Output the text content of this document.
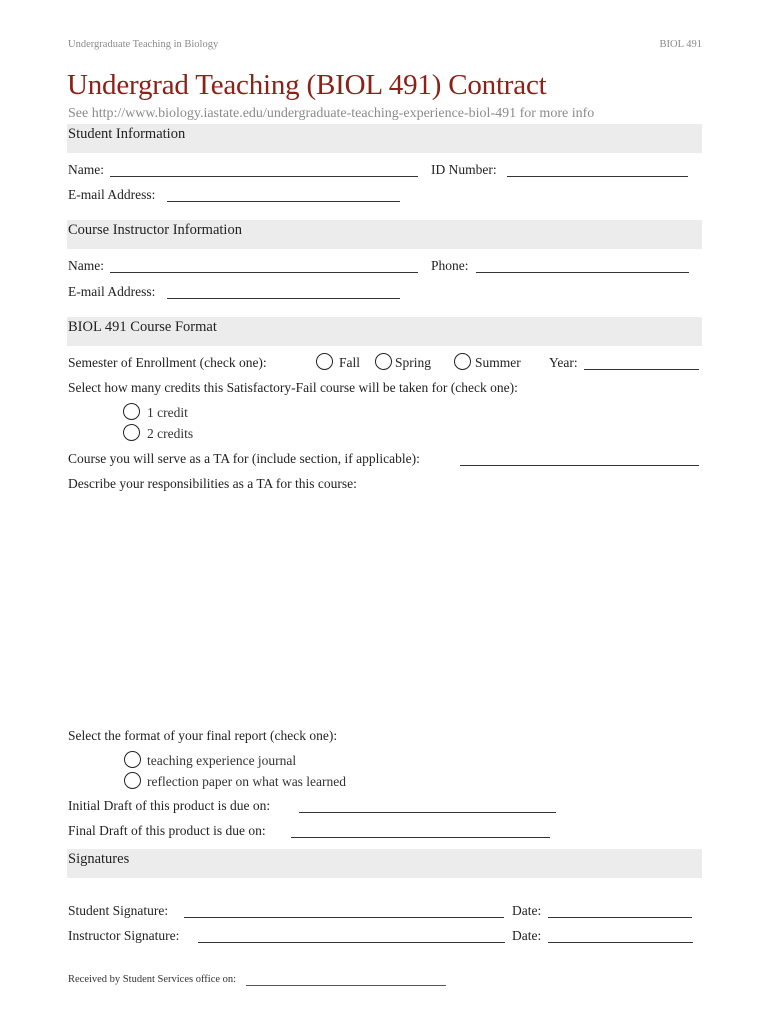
Undergraduate Teaching in Biology	BIOL 491
Undergrad Teaching (BIOL 491) Contract
See http://www.biology.iastate.edu/undergraduate-teaching-experience-biol-491 for more info
Student Information
Name:	ID Number:
E-mail Address:
Course Instructor Information
Name:	Phone:
E-mail Address:
BIOL 491 Course Format
Semester of Enrollment (check one):	Fall	Spring	Summer Year:
Select how many credits this Satisfactory-Fail course will be taken for (check one):
1 credit
2 credits
Course you will serve as a TA for (include section, if applicable):
Describe your responsibilities as a TA for this course:
Select the format of your final report (check one):
teaching experience journal
reflection paper on what was learned
Initial Draft of this product is due on:
Final Draft of this product is due on:
Signatures
Student Signature:	Date:
Instructor Signature:	Date:
Received by Student Services office on:
